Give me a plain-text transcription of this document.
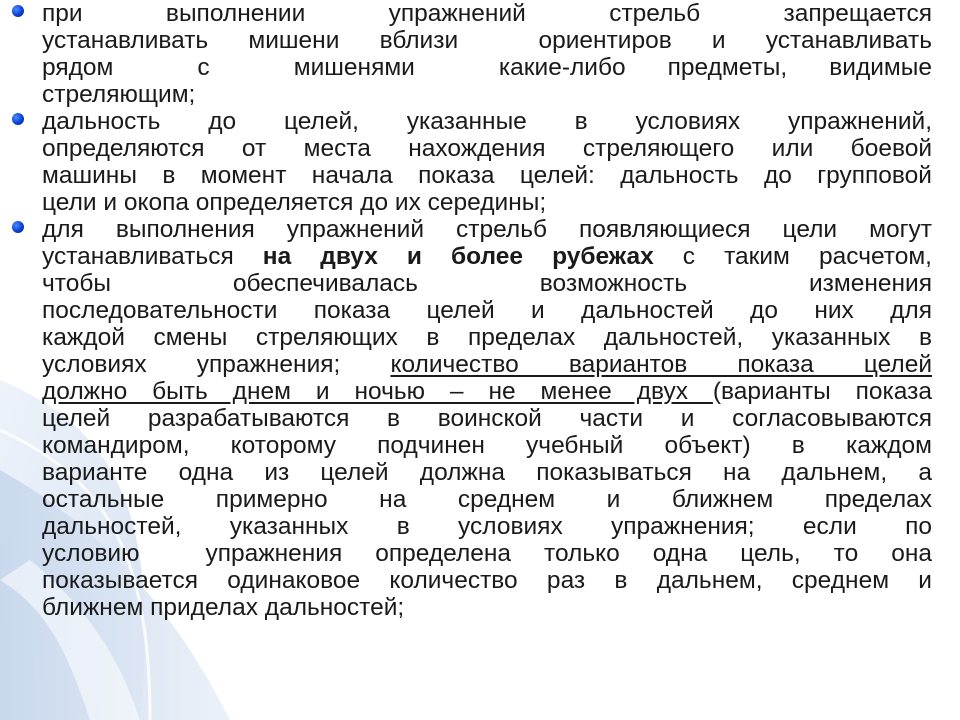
при  выполнении  упражнений  стрельб  запрещается
устанавливать мишени вблизи  ориентиров и устанавливать
рядом  с  мишенями  какие-либо предметы, видимые
стреляющим;
дальность до целей, указанные в условиях упражнений,
определяются от места нахождения стреляющего или боевой
машины в момент начала показа целей: дальность до групповой
цели и окопа определяется до их середины;
для выполнения упражнений стрельб появляющиеся цели могут
устанавливаться на двух и более рубежах с таким расчетом,
чтобы  обеспечивалась  возможность  изменения
последовательности показа целей и дальностей до них для
каждой смены стреляющих в пределах дальностей, указанных в
условиях упражнения; количество вариантов показа целей
должно быть днем и ночью – не менее двух (варианты показа
целей разрабатываются в воинской части и согласовываются
командиром, которому подчинен учебный объект) в каждом
варианте одна из целей должна показываться на дальнем, а
остальные  примерно  на  среднем  и  ближнем  пределах
дальностей, указанных в условиях упражнения; если по
условию  упражнения определена только одна цель, то она
показывается одинаковое количество раз в дальнем, среднем и
ближнем приделах дальностей;
